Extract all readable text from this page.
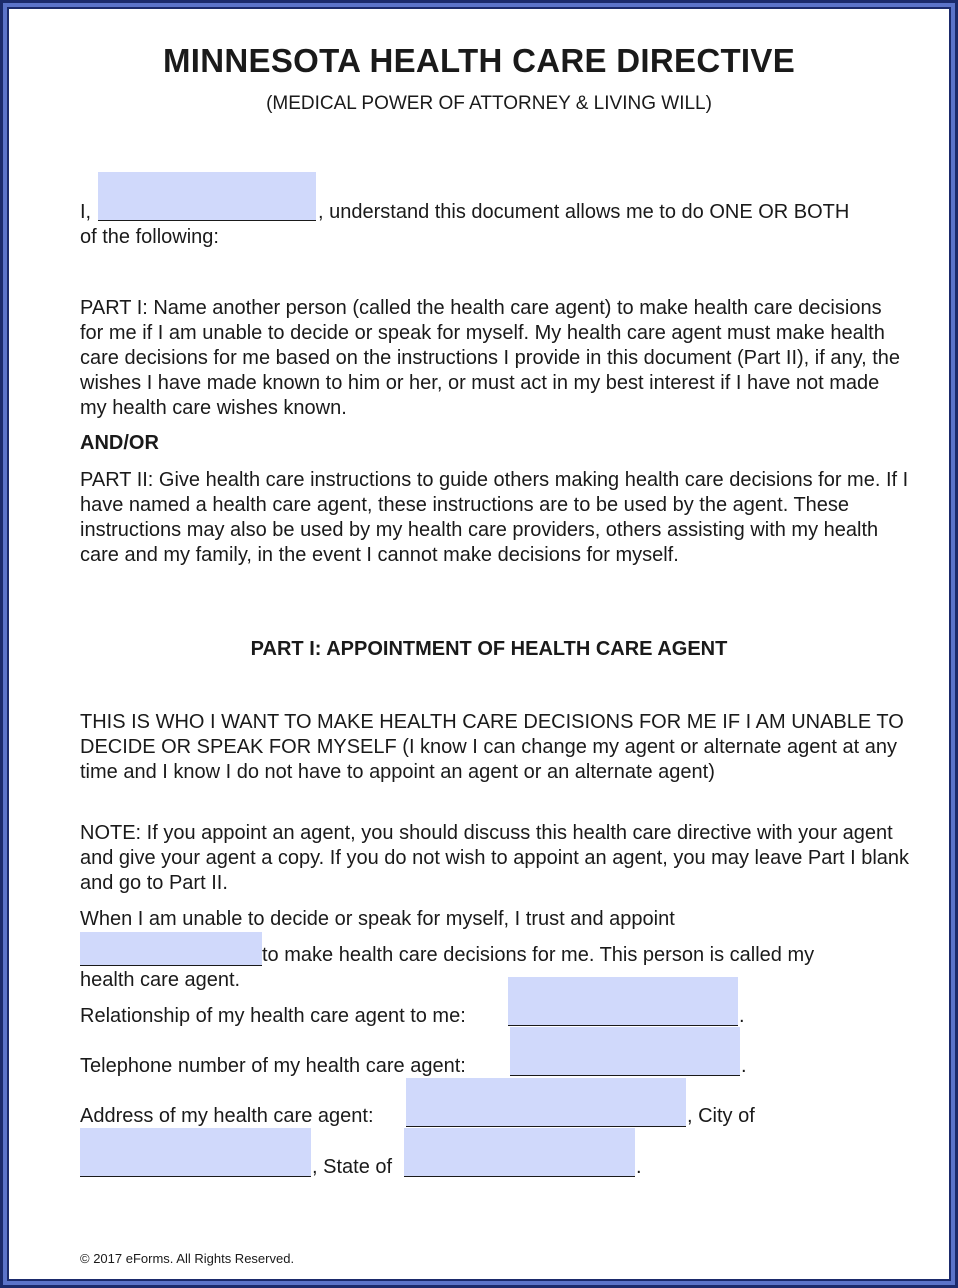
MINNESOTA HEALTH CARE DIRECTIVE
(MEDICAL POWER OF ATTORNEY & LIVING WILL)
I,	, understand this document allows me to do ONE OR BOTH
of the following:
PART I: Name another person (called the health care agent) to make health care decisions for me if I am unable to decide or speak for myself. My health care agent must make health care decisions for me based on the instructions I provide in this document (Part II), if any, the wishes I have made known to him or her, or must act in my best interest if I have not made my health care wishes known.
AND/OR
PART II: Give health care instructions to guide others making health care decisions for me. If I have named a health care agent, these instructions are to be used by the agent. These instructions may also be used by my health care providers, others assisting with my health care and my family, in the event I cannot make decisions for myself.
PART I: APPOINTMENT OF HEALTH CARE AGENT
THIS IS WHO I WANT TO MAKE HEALTH CARE DECISIONS FOR ME IF I AM UNABLE TO DECIDE OR SPEAK FOR MYSELF (I know I can change my agent or alternate agent at any time and I know I do not have to appoint an agent or an alternate agent)
NOTE: If you appoint an agent, you should discuss this health care directive with your agent and give your agent a copy. If you do not wish to appoint an agent, you may leave Part I blank and go to Part II.
When I am unable to decide or speak for myself, I trust and appoint
to make health care decisions for me. This person is called my
health care agent.
Relationship of my health care agent to me:	.
Telephone number of my health care agent:	.
Address of my health care agent:	, City of
, State of	.
© 2017 eForms. All Rights Reserved.
